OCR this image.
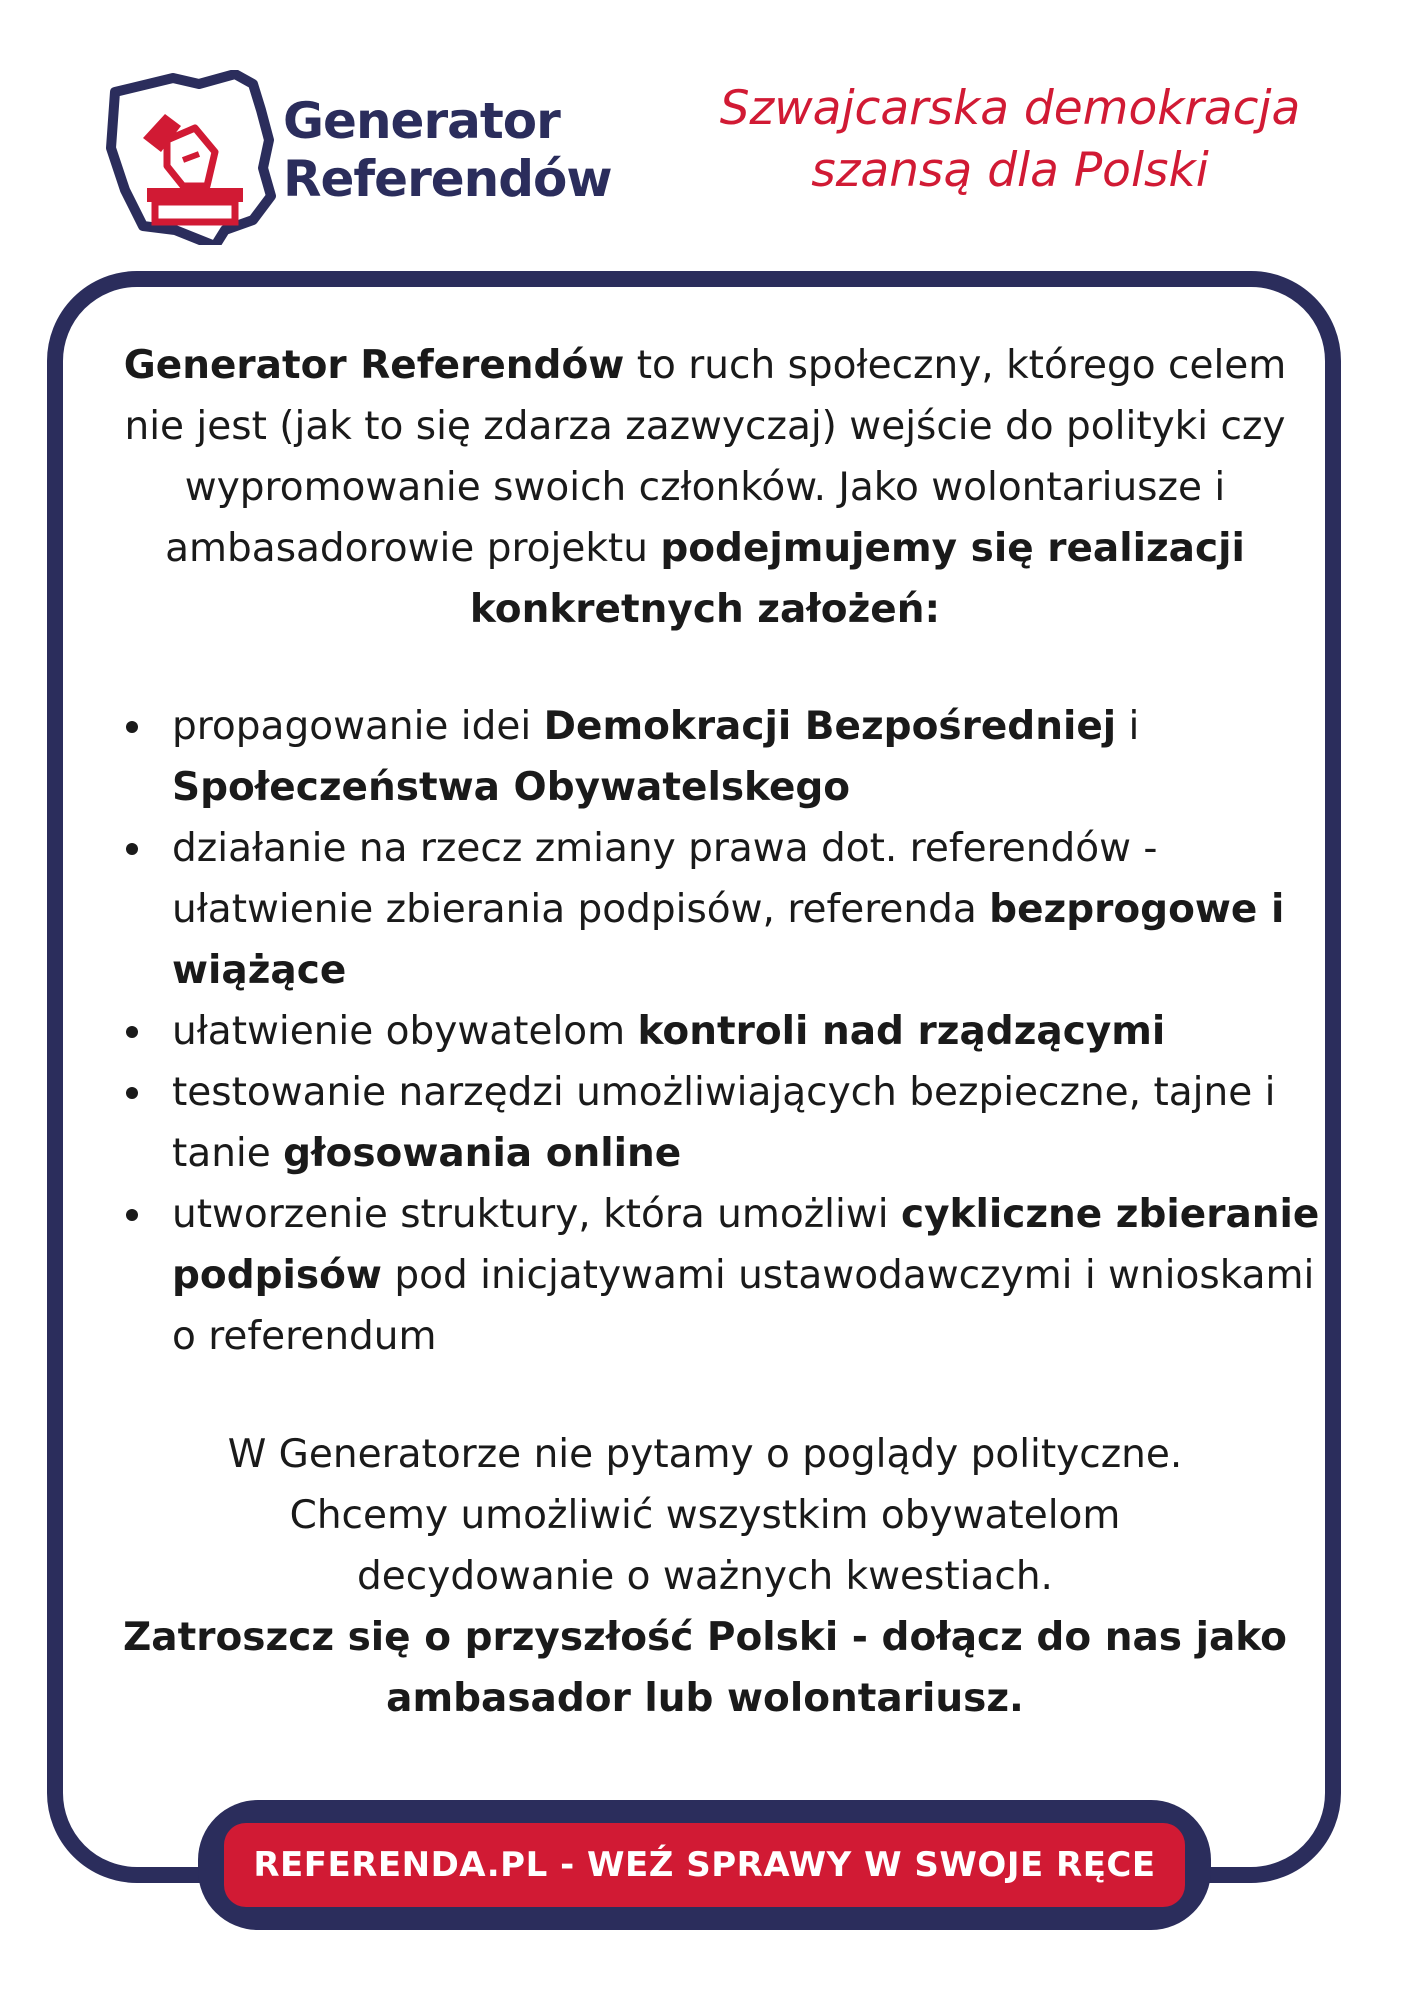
Generator
Referendów
Szwajcarska demokracja
szansą dla Polski

Generator Referendów to ruch społeczny, którego celem nie jest (jak to się zdarza zazwyczaj) wejście do polityki czy wypromowanie swoich członków. Jako wolontariusze i ambasadorowie projektu podejmujemy się realizacji konkretnych założeń:

propagowanie idei Demokracji Bezpośredniej i
Społeczeństwa Obywatelskego
działanie na rzecz zmiany prawa dot. referendów - ułatwienie zbierania podpisów, referenda bezprogowe i wiążące
ułatwienie obywatelom kontroli nad rządzącymi
testowanie narzędzi umożliwiających bezpieczne, tajne i tanie głosowania online
utworzenie struktury, która umożliwi cykliczne zbieranie podpisów pod inicjatywami ustawodawczymi i wnioskami o referendum

W Generatorze nie pytamy o poglądy polityczne.

Chcemy umożliwić wszystkim obywatelom

decydowanie o ważnych kwestiach.

Zatroszcz się o przyszłość Polski - dołącz do nas jako

ambasador lub wolontariusz.

REFERENDA.PL - WEŹ SPRAWY W SWOJE RĘCE
